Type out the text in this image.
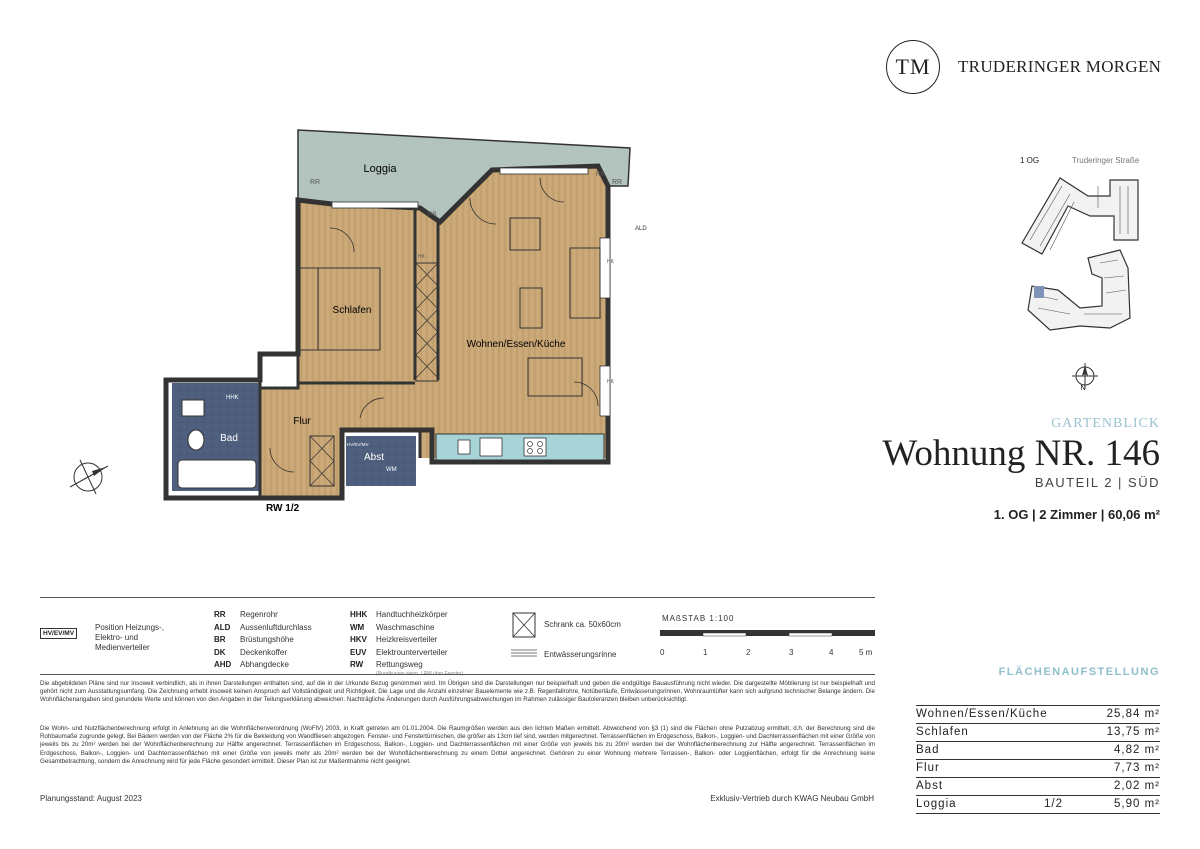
TM	TRUDERINGER MORGEN
1 OG	Truderinger Straße
N
GARTENBLICK
Wohnung NR. 146
BAUTEIL 2 | SÜD
1. OG | 2 Zimmer | 60,06 m²
Loggia
Schlafen
Wohnen/Essen/Küche
Flur
Bad
Abst
RR	RR
RR
RR
ALD
HHK
WM
RW 1/2
HK
HK
HK
HV/EV/MV
HV/EV/MV
Position Heizungs-,
Elektro- und
Medienverteiler
RR Regenrohr
ALD Aussenluftdurchlass
BR Brüstungshöhe
DK Deckenkoffer
AHD Abhangdecke
HHK Handtuchheizkörper
WM Waschmaschine
HKV Heizkreisverteiler
EUV Elektrounterverteiler
RW Rettungsweg
Schrank ca. 50x60cm
Entwässerungsrinne
MAßSTAB 1:100
0	1	2	3	4	5 m
Die abgebildeten Pläne sind nur insoweit verbindlich, als in ihnen Darstellungen enthalten sind, auf die in der Urkunde Bezug genommen wird. Im Übrigen sind die Darstellungen nur beispielhaft und geben die endgültige Bauausführung nicht wieder. Die dargestellte Möblierung ist nur beispielhaft und gehört nicht zum Ausstattungsumfang. Die Zeichnung erhebt insoweit keinen Anspruch auf Vollständigkeit und Richtigkeit. Die Lage und die Anzahl einzelner Bauelemente wie z.B. Regenfallrohre, Notüberläufe, Entwässerungsrinnen, Wohnraumlüfter kann sich aufgrund technischer Belange ändern. Die Wohnflächenangaben sind gerundete Werte und können von den Angaben in der Teilungserklärung abweichen. Nachträgliche Änderungen durch Ausführungsabweichungen im Rahmen zulässiger Bautoleranzen bleiben unberücksichtigt.
Die Wohn- und Nutzflächenberechnung erfolgt in Anlehnung an die Wohnflächenverordnung (WoFlV) 2003, in Kraft getreten am 01.01.2004. Die Raumgrößen werden aus den lichten Maßen ermittelt. Abweichend von §3 (1) sind die Flächen ohne Putzabzug ermittelt, d.h. der Berechnung sind die Rohbaumaße zugrunde gelegt. Bei Bädern werden von der Fläche 2% für die Bekleidung von Wandfliesen abgezogen. Fenster- und Fenstertürnischen, die größer als 13cm tief sind, werden mitgerechnet. Terrassenflächen im Erdgeschoss, Balkon-, Loggien- und Dachterrassenflächen mit einer Größe von jeweils bis zu 20m² werden bei der Wohnflächenberechnung zur Hälfte angerechnet. Terrassenflächen im Erdgeschoss, Balkon-, Loggien- und Dachterrassenflächen mit einer Größe von jeweils bis zu 20m² werden bei der Wohnflächenberechnung zur Hälfte angerechnet. Terrassenflächen im Erdgeschoss, Balkon-, Loggien- und Dachterrassenflächen mit einer Größe von jeweils mehr als 20m² werden bei der Wohnflächenberechnung zu einem Drittel angerechnet. Gehören zu einer Wohnung mehrere Terrassen-, Balkon- oder Loggienflächen, erfolgt für die Anrechnung keine Gesamtbetrachtung, sondern die Anrechnung wird für jede Fläche gesondert ermittelt. Dieser Plan ist zur Maßentnahme nicht geeignet.
Planungsstand: August 2023	Exklusiv-Vertrieb durch KWAG Neubau GmbH
FLÄCHENAUFSTELLUNG
Wohnen/Essen/Küche	25,84 m²
Schlafen	13,75 m²
Bad	4,82 m²
Flur	7,73 m²
Abst	2,02 m²
Loggia	1/2	5,90 m²
